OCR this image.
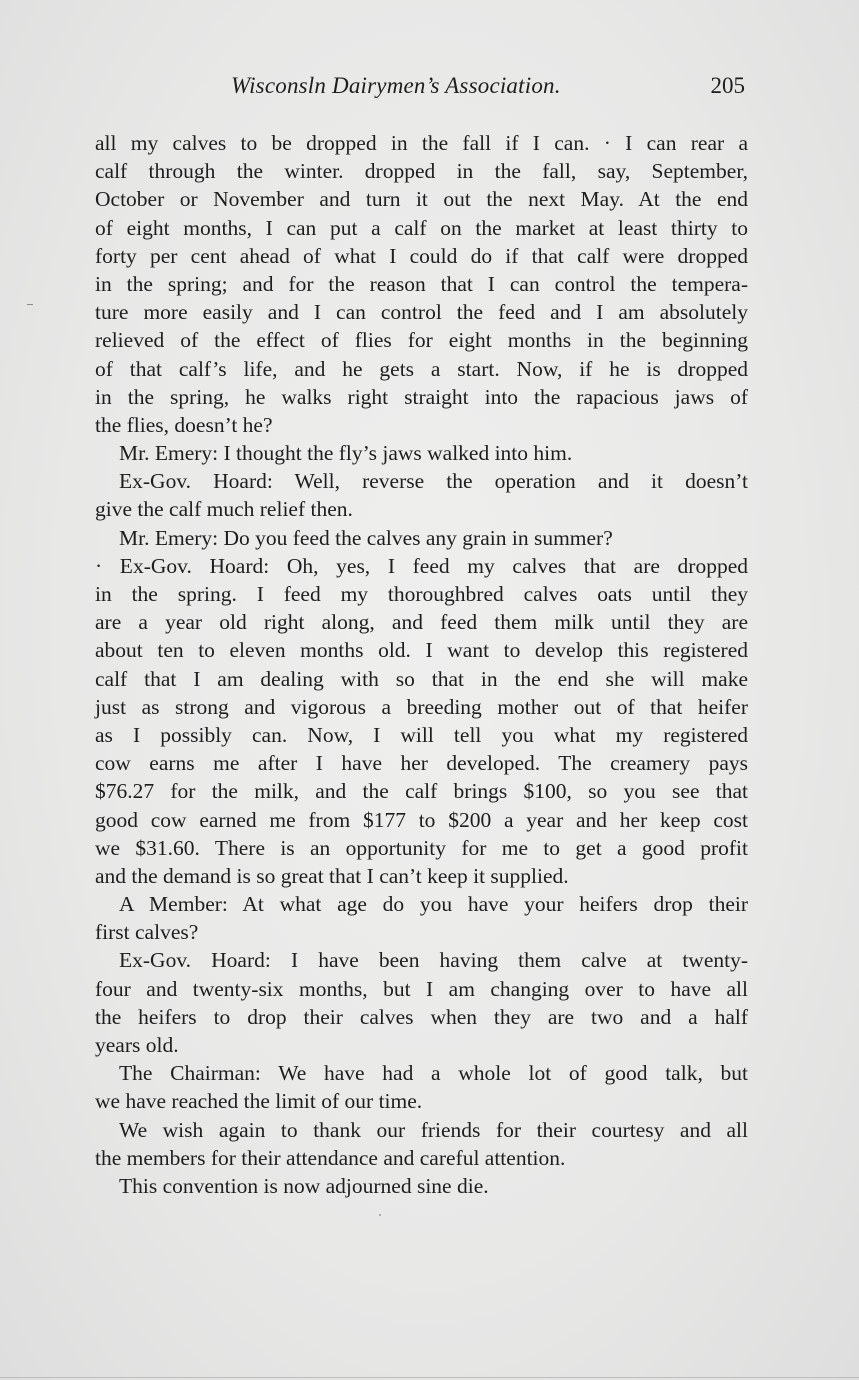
Wisconsln Dairymen’s Association.	205
all my calves to be dropped in the fall if I can. · I can rear a
calf through the winter. dropped in the fall, say, September,
October or November and turn it out the next May. At the end
of eight months, I can put a calf on the market at least thirty to
forty per cent ahead of what I could do if that calf were dropped
in the spring; and for the reason that I can control the tempera-
ture more easily and I can control the feed and I am absolutely
relieved of the effect of flies for eight months in the beginning
of that calf’s life, and he gets a start. Now, if he is dropped
in the spring, he walks right straight into the rapacious jaws of
the flies, doesn’t he?
Mr. Emery: I thought the fly’s jaws walked into him.
Ex-Gov. Hoard: Well, reverse the operation and it doesn’t
give the calf much relief then.
Mr. Emery: Do you feed the calves any grain in summer?
· Ex-Gov. Hoard: Oh, yes, I feed my calves that are dropped
in the spring. I feed my thoroughbred calves oats until they
are a year old right along, and feed them milk until they are
about ten to eleven months old. I want to develop this registered
calf that I am dealing with so that in the end she will make
just as strong and vigorous a breeding mother out of that heifer
as I possibly can. Now, I will tell you what my registered
cow earns me after I have her developed. The creamery pays
$76.27 for the milk, and the calf brings $100, so you see that
good cow earned me from $177 to $200 a year and her keep cost
we $31.60. There is an opportunity for me to get a good profit
and the demand is so great that I can’t keep it supplied.
A Member: At what age do you have your heifers drop their
first calves?
Ex-Gov. Hoard: I have been having them calve at twenty-
four and twenty-six months, but I am changing over to have all
the heifers to drop their calves when they are two and a half
years old.
The Chairman: We have had a whole lot of good talk, but
we have reached the limit of our time.
We wish again to thank our friends for their courtesy and all
the members for their attendance and careful attention.
This convention is now adjourned sine die.
